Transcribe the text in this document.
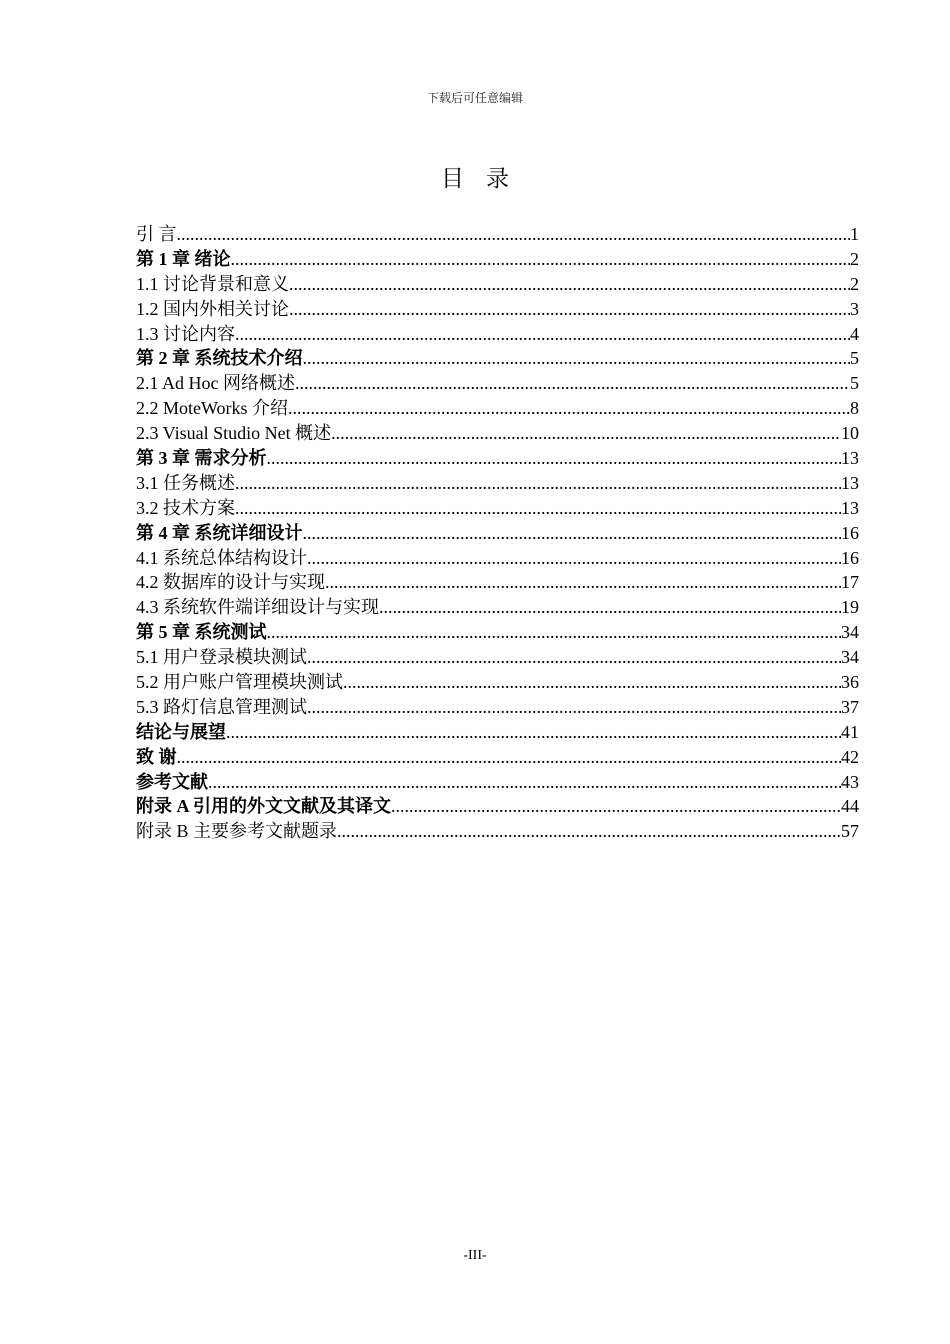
下载后可任意编辑
目录
引 言 .....	1
第 1 章 绪论 .....	2
1.1 讨论背景和意义 .....	2
1.2 国内外相关讨论 .....	3
1.3 讨论内容 .....	4
第 2 章 系统技术介绍 .....	5
2.1 Ad Hoc 网络概述 .....	5
2.2 MoteWorks 介绍 .....	8
2.3 Visual Studio Net 概述 .....	10
第 3 章 需求分析 .....	13
3.1 任务概述 .....	13
3.2 技术方案 .....	13
第 4 章 系统详细设计 .....	16
4.1 系统总体结构设计 .....	16
4.2 数据库的设计与实现 .....	17
4.3 系统软件端详细设计与实现 .....	19
第 5 章 系统测试 .....	34
5.1 用户登录模块测试 .....	34
5.2 用户账户管理模块测试 .....	36
5.3 路灯信息管理测试 .....	37
结论与展望 .....	41
致 谢 .....	42
参考文献 .....	43
附录 A 引用的外文文献及其译文 .....	44
附录 B 主要参考文献题录 .....	57
-III-
